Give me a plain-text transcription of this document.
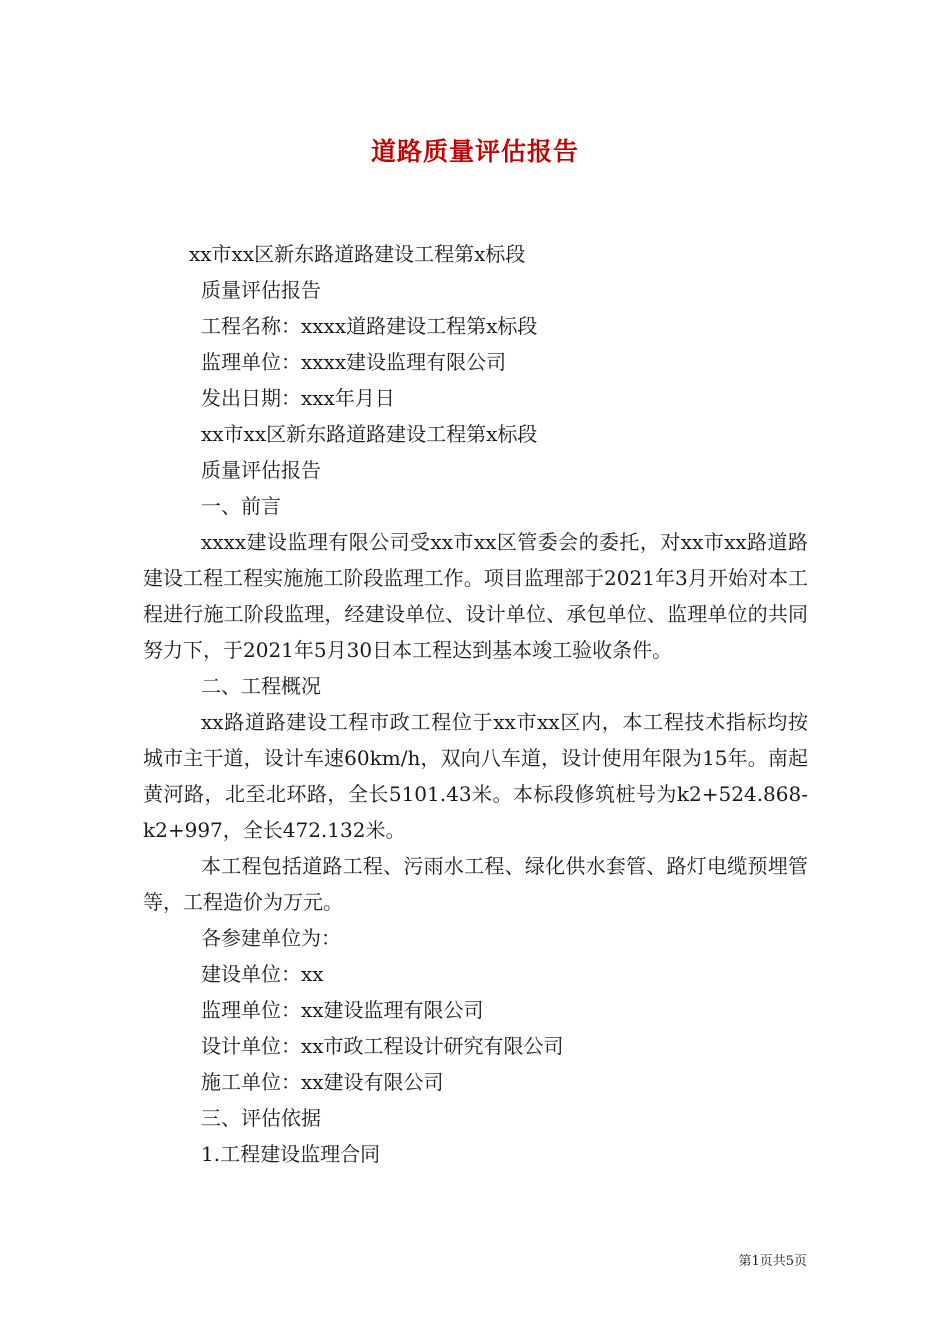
道路质量评估报告

xx市xx区新东路道路建设工程第x标段

质量评估报告

工程名称：xxxx道路建设工程第x标段

监理单位：xxxx建设监理有限公司

发出日期：xxx年月日

xx市xx区新东路道路建设工程第x标段

质量评估报告

一、前言

xxxx建设监理有限公司受xx市xx区管委会的委托，对xx市xx路道路建设工程工程实施施工阶段监理工作。项目监理部于2021年3月开始对本工程进行施工阶段监理，经建设单位、设计单位、承包单位、监理单位的共同努力下，于2021年5月30日本工程达到基本竣工验收条件。

二、工程概况

xx路道路建设工程市政工程位于xx市xx区内，本工程技术指标均按城市主干道，设计车速60km/h，双向八车道，设计使用年限为15年。南起黄河路，北至北环路，全长5101.43米。本标段修筑桩号为k2+524.868-k2+997，全长472.132米。

本工程包括道路工程、污雨水工程、绿化供水套管、路灯电缆预埋管等，工程造价为万元。

各参建单位为：

建设单位：xx

监理单位：xx建设监理有限公司

设计单位：xx市政工程设计研究有限公司

施工单位：xx建设有限公司

三、评估依据

1.工程建设监理合同

第1页共5页
